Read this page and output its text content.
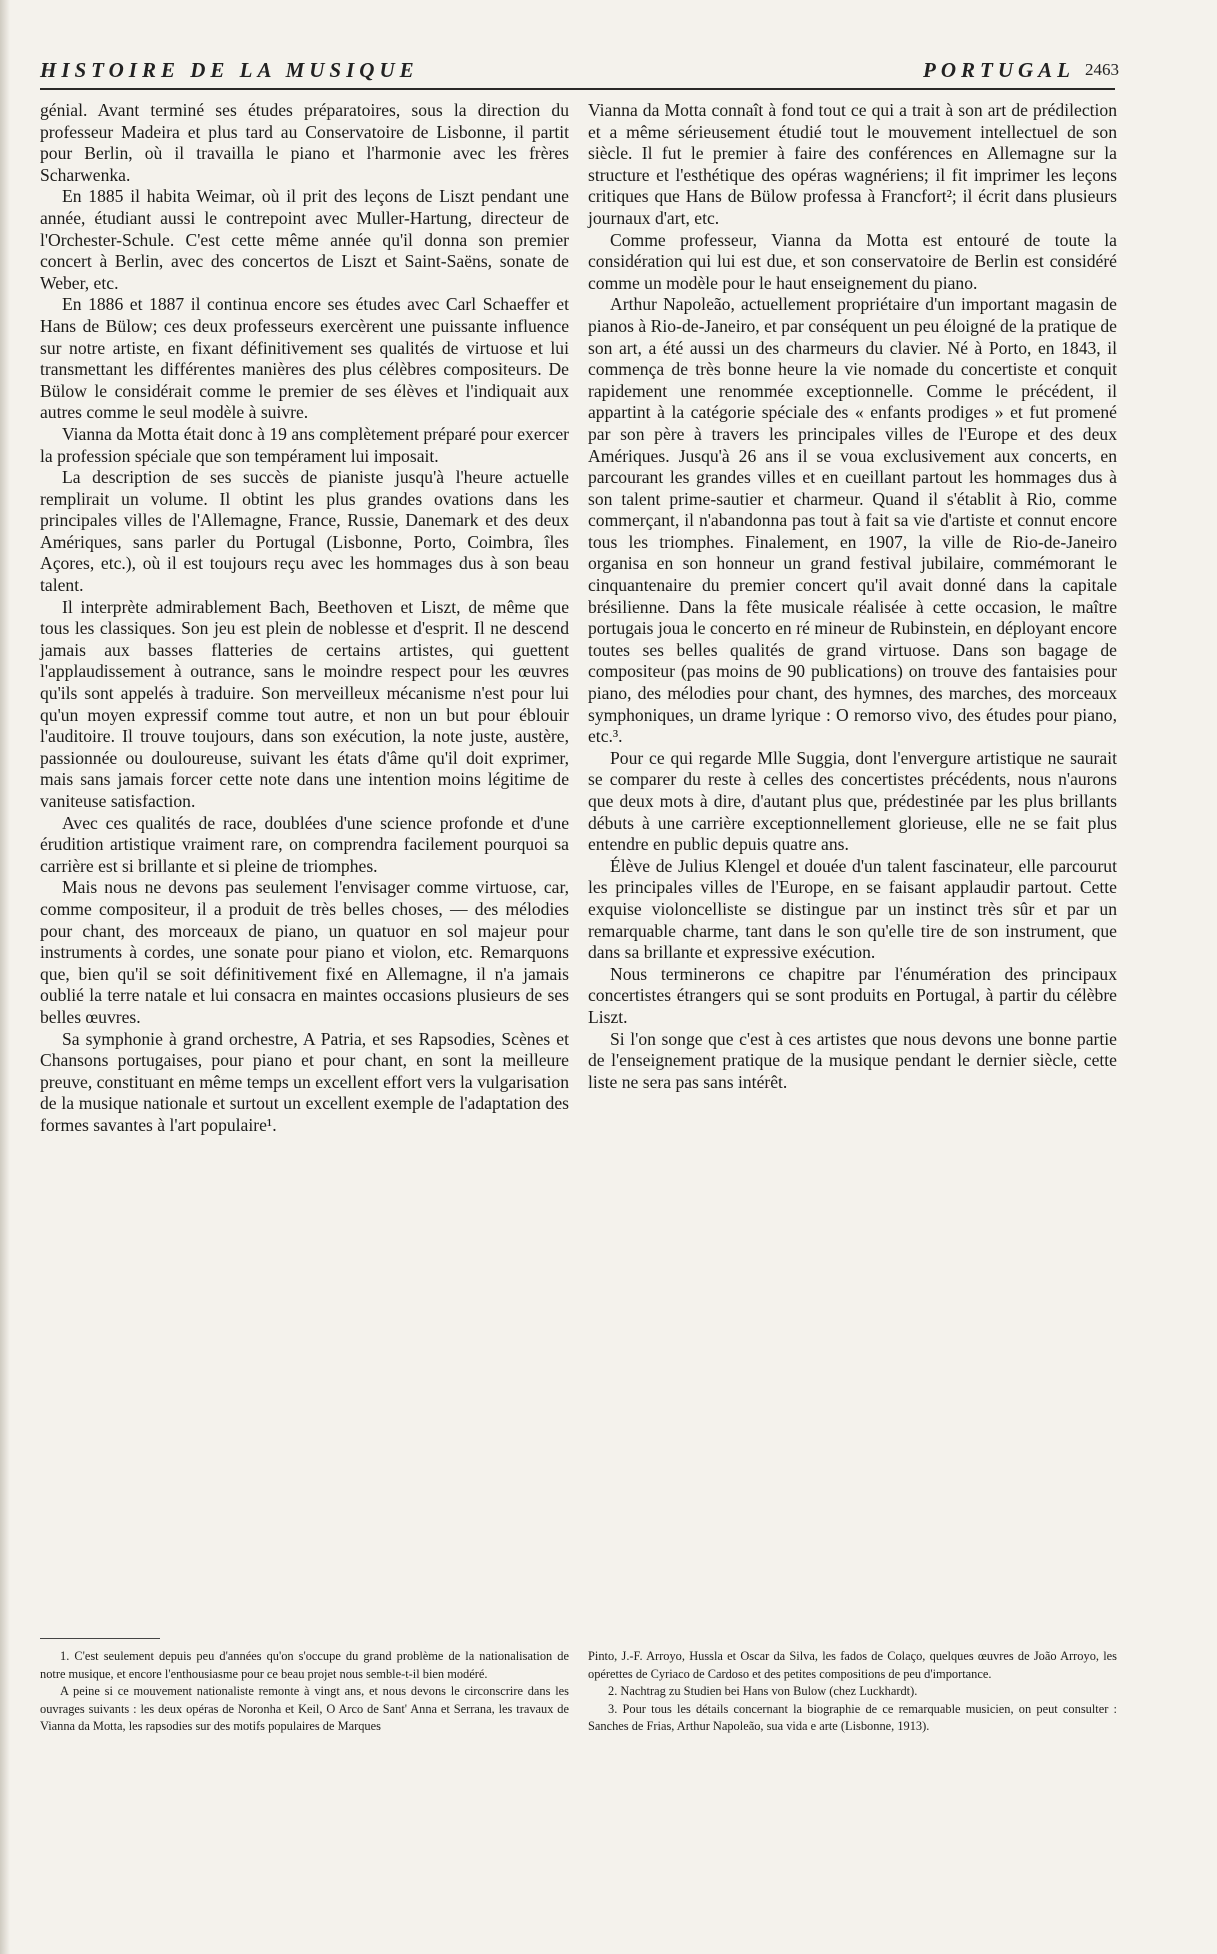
HISTOIRE DE LA MUSIQUE	PORTUGAL 2463

génial. Avant terminé ses études préparatoires, sous la direction du professeur Madeira et plus tard au Conservatoire de Lisbonne, il partit pour Berlin, où il travailla le piano et l'harmonie avec les frères Scharwenka.

En 1885 il habita Weimar, où il prit des leçons de Liszt pendant une année, étudiant aussi le contrepoint avec Muller-Hartung, directeur de l'Orchester-Schule. C'est cette même année qu'il donna son premier concert à Berlin, avec des concertos de Liszt et Saint-Saëns, sonate de Weber, etc.

En 1886 et 1887 il continua encore ses études avec Carl Schaeffer et Hans de Bülow; ces deux professeurs exercèrent une puissante influence sur notre artiste, en fixant définitivement ses qualités de virtuose et lui transmettant les différentes manières des plus célèbres compositeurs. De Bülow le considérait comme le premier de ses élèves et l'indiquait aux autres comme le seul modèle à suivre.

Vianna da Motta était donc à 19 ans complètement préparé pour exercer la profession spéciale que son tempérament lui imposait.

La description de ses succès de pianiste jusqu'à l'heure actuelle remplirait un volume. Il obtint les plus grandes ovations dans les principales villes de l'Allemagne, France, Russie, Danemark et des deux Amériques, sans parler du Portugal (Lisbonne, Porto, Coimbra, îles Açores, etc.), où il est toujours reçu avec les hommages dus à son beau talent.

Il interprète admirablement Bach, Beethoven et Liszt, de même que tous les classiques. Son jeu est plein de noblesse et d'esprit. Il ne descend jamais aux basses flatteries de certains artistes, qui guettent l'applaudissement à outrance, sans le moindre respect pour les œuvres qu'ils sont appelés à traduire. Son merveilleux mécanisme n'est pour lui qu'un moyen expressif comme tout autre, et non un but pour éblouir l'auditoire. Il trouve toujours, dans son exécution, la note juste, austère, passionnée ou douloureuse, suivant les états d'âme qu'il doit exprimer, mais sans jamais forcer cette note dans une intention moins légitime de vaniteuse satisfaction.

Avec ces qualités de race, doublées d'une science profonde et d'une érudition artistique vraiment rare, on comprendra facilement pourquoi sa carrière est si brillante et si pleine de triomphes.

Mais nous ne devons pas seulement l'envisager comme virtuose, car, comme compositeur, il a produit de très belles choses, — des mélodies pour chant, des morceaux de piano, un quatuor en sol majeur pour instruments à cordes, une sonate pour piano et violon, etc. Remarquons que, bien qu'il se soit définitivement fixé en Allemagne, il n'a jamais oublié la terre natale et lui consacra en maintes occasions plusieurs de ses belles œuvres.

Sa symphonie à grand orchestre, A Patria, et ses Rapsodies, Scènes et Chansons portugaises, pour piano et pour chant, en sont la meilleure preuve, constituant en même temps un excellent effort vers la vulgarisation de la musique nationale et surtout un excellent exemple de l'adaptation des formes savantes à l'art populaire¹.

Vianna da Motta connaît à fond tout ce qui a trait à son art de prédilection et a même sérieusement étudié tout le mouvement intellectuel de son siècle. Il fut le premier à faire des conférences en Allemagne sur la structure et l'esthétique des opéras wagnériens; il fit imprimer les leçons critiques que Hans de Bülow professa à Francfort²; il écrit dans plusieurs journaux d'art, etc.

Comme professeur, Vianna da Motta est entouré de toute la considération qui lui est due, et son conservatoire de Berlin est considéré comme un modèle pour le haut enseignement du piano.

Arthur Napoleão, actuellement propriétaire d'un important magasin de pianos à Rio-de-Janeiro, et par conséquent un peu éloigné de la pratique de son art, a été aussi un des charmeurs du clavier. Né à Porto, en 1843, il commença de très bonne heure la vie nomade du concertiste et conquit rapidement une renommée exceptionnelle. Comme le précédent, il appartint à la catégorie spéciale des « enfants prodiges » et fut promené par son père à travers les principales villes de l'Europe et des deux Amériques. Jusqu'à 26 ans il se voua exclusivement aux concerts, en parcourant les grandes villes et en cueillant partout les hommages dus à son talent prime-sautier et charmeur. Quand il s'établit à Rio, comme commerçant, il n'abandonna pas tout à fait sa vie d'artiste et connut encore tous les triomphes. Finalement, en 1907, la ville de Rio-de-Janeiro organisa en son honneur un grand festival jubilaire, commémorant le cinquantenaire du premier concert qu'il avait donné dans la capitale brésilienne. Dans la fête musicale réalisée à cette occasion, le maître portugais joua le concerto en ré mineur de Rubinstein, en déployant encore toutes ses belles qualités de grand virtuose. Dans son bagage de compositeur (pas moins de 90 publications) on trouve des fantaisies pour piano, des mélodies pour chant, des hymnes, des marches, des morceaux symphoniques, un drame lyrique : O remorso vivo, des études pour piano, etc.³.

Pour ce qui regarde Mlle Suggia, dont l'envergure artistique ne saurait se comparer du reste à celles des concertistes précédents, nous n'aurons que deux mots à dire, d'autant plus que, prédestinée par les plus brillants débuts à une carrière exceptionnellement glorieuse, elle ne se fait plus entendre en public depuis quatre ans.

Élève de Julius Klengel et douée d'un talent fascinateur, elle parcourut les principales villes de l'Europe, en se faisant applaudir partout. Cette exquise violoncelliste se distingue par un instinct très sûr et par un remarquable charme, tant dans le son qu'elle tire de son instrument, que dans sa brillante et expressive exécution.

Nous terminerons ce chapitre par l'énumération des principaux concertistes étrangers qui se sont produits en Portugal, à partir du célèbre Liszt.

Si l'on songe que c'est à ces artistes que nous devons une bonne partie de l'enseignement pratique de la musique pendant le dernier siècle, cette liste ne sera pas sans intérêt.

1. C'est seulement depuis peu d'années qu'on s'occupe du grand problème de la nationalisation de notre musique, et encore l'enthousiasme pour ce beau projet nous semble-t-il bien modéré.

A peine si ce mouvement nationaliste remonte à vingt ans, et nous devons le circonscrire dans les ouvrages suivants : les deux opéras de Noronha et Keil, O Arco de Sant' Anna et Serrana, les travaux de Vianna da Motta, les rapsodies sur des motifs populaires de Marques

Pinto, J.-F. Arroyo, Hussla et Oscar da Silva, les fados de Colaço, quelques œuvres de João Arroyo, les opérettes de Cyriaco de Cardoso et des petites compositions de peu d'importance.

2. Nachtrag zu Studien bei Hans von Bulow (chez Luckhardt).

3. Pour tous les détails concernant la biographie de ce remarquable musicien, on peut consulter : Sanches de Frias, Arthur Napoleão, sua vida e arte (Lisbonne, 1913).
